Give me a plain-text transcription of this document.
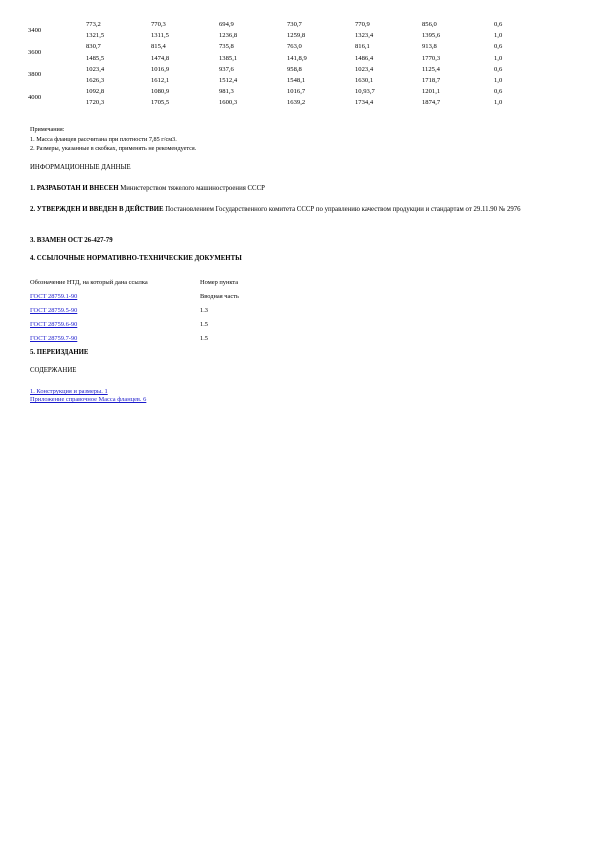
3400	773,2	770,3	694,9	730,7	770,9	856,0	0,6
	1321,5	1311,5	1236,8	1259,8	1323,4	1395,6	1,0
3600	830,7	815,4	735,8	763,0	816,1	913,8	0,6
	1485,5	1474,8	1385,1	141,8,9	1486,4	1770,3	1,0
3800	1023,4	1016,9	937,6	958,8	1023,4	1125,4	0,6
	1626,3	1612,1	1512,4	1548,1	1630,1	1718,7	1,0
4000	1092,8	1080,9	981,3	1016,7	10,93,7	1201,1	0,6
	1720,3	1705,5	1600,3	1639,2	1734,4	1874,7	1,0
Примечания:
1. Масса фланцев рассчитана при плотности 7,85 г/см3.
2. Размеры, указанные в скобках, применять не рекомендуется.
ИНФОРМАЦИОННЫЕ ДАННЫЕ
1. РАЗРАБОТАН И ВНЕСЕН Министерством тяжелого машиностроения СССР
2. УТВЕРЖДЕН И ВВЕДЕН В ДЕЙСТВИЕ Постановлением Государственного комитета СССР по управлению качеством продукции и стандартам от 29.11.90 № 2976
3. ВЗАМЕН ОСТ 26-427-79
4. ССЫЛОЧНЫЕ НОРМАТИВНО-ТЕХНИЧЕСКИЕ ДОКУМЕНТЫ
Обозначение НТД, на который дана ссылка	Номер пункта
ГОСТ 28759.1-90	Вводная часть
ГОСТ 28759.5-90	1.3
ГОСТ 28759.6-90	1.5
ГОСТ 28759.7-90	1.5
5. ПЕРЕИЗДАНИЕ
СОДЕРЖАНИЕ
1. Конструкция и размеры. 1
Приложение справочное Масса фланцев. 6
